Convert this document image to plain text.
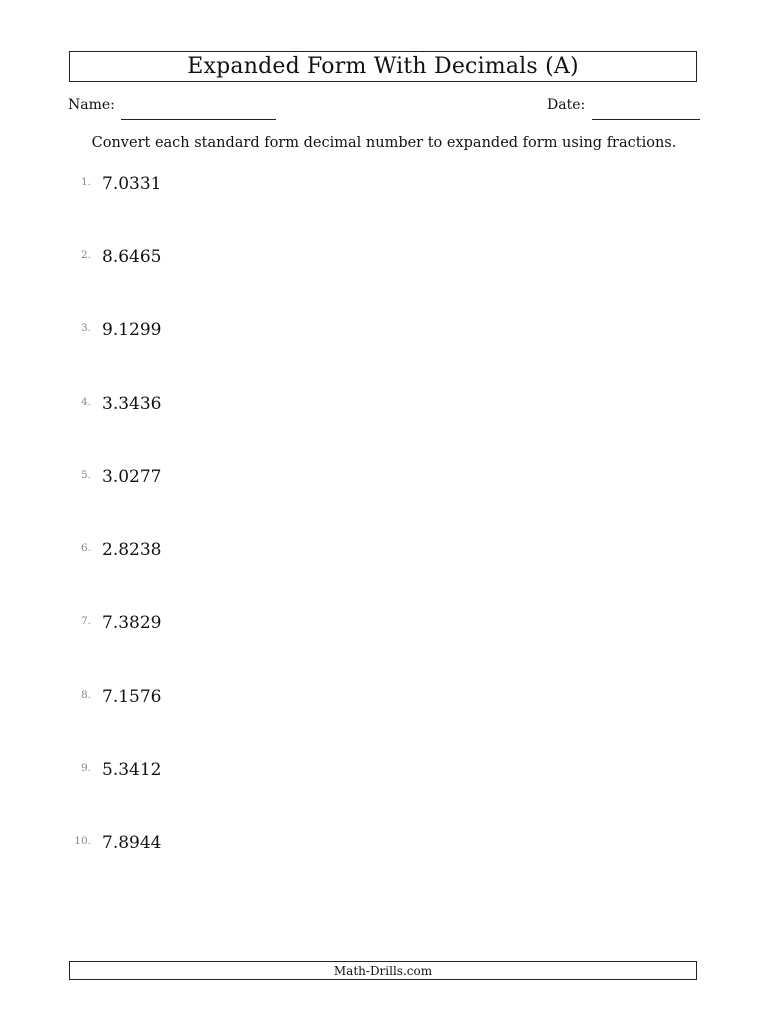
Expanded Form With Decimals (A)
Name:	Date:
Convert each standard form decimal number to expanded form using fractions.
1. 7.0331
2. 8.6465
3. 9.1299
4. 3.3436
5. 3.0277
6. 2.8238
7. 7.3829
8. 7.1576
9. 5.3412
10. 7.8944
Math-Drills.com
